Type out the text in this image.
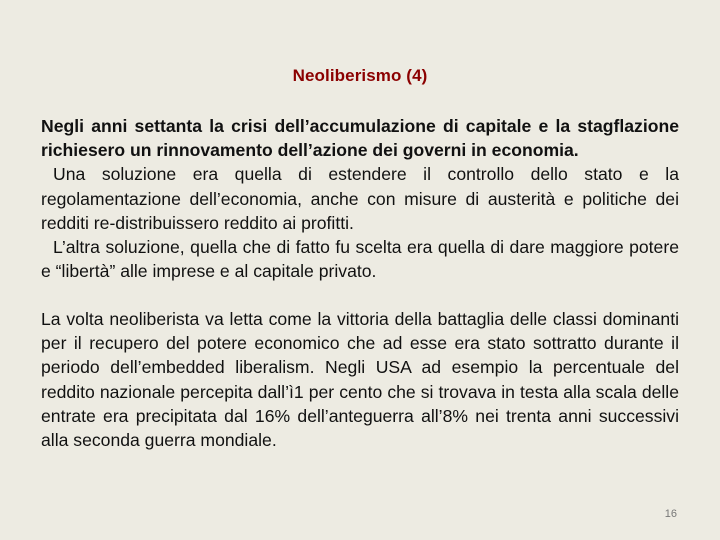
Neoliberismo (4)

Negli anni settanta la crisi dell’accumulazione di capitale e la stagflazione richiesero un rinnovamento dell’azione dei governi in economia.

Una soluzione era quella di estendere il controllo dello stato e la regolamentazione dell’economia, anche con misure di austerità e politiche dei redditi re-distribuissero reddito ai profitti.

L’altra soluzione, quella che di fatto fu scelta era quella di dare maggiore potere e “libertà” alle imprese e al capitale privato.

La volta neoliberista va letta come la vittoria della battaglia delle classi dominanti per il recupero del potere economico che ad esse era stato sottratto durante il periodo dell’embedded liberalism. Negli USA ad esempio la percentuale del reddito nazionale percepita dall’ì1 per cento che si trovava in testa alla scala delle entrate era precipitata dal 16% dell’anteguerra all’8% nei trenta anni successivi alla seconda guerra mondiale.

16
